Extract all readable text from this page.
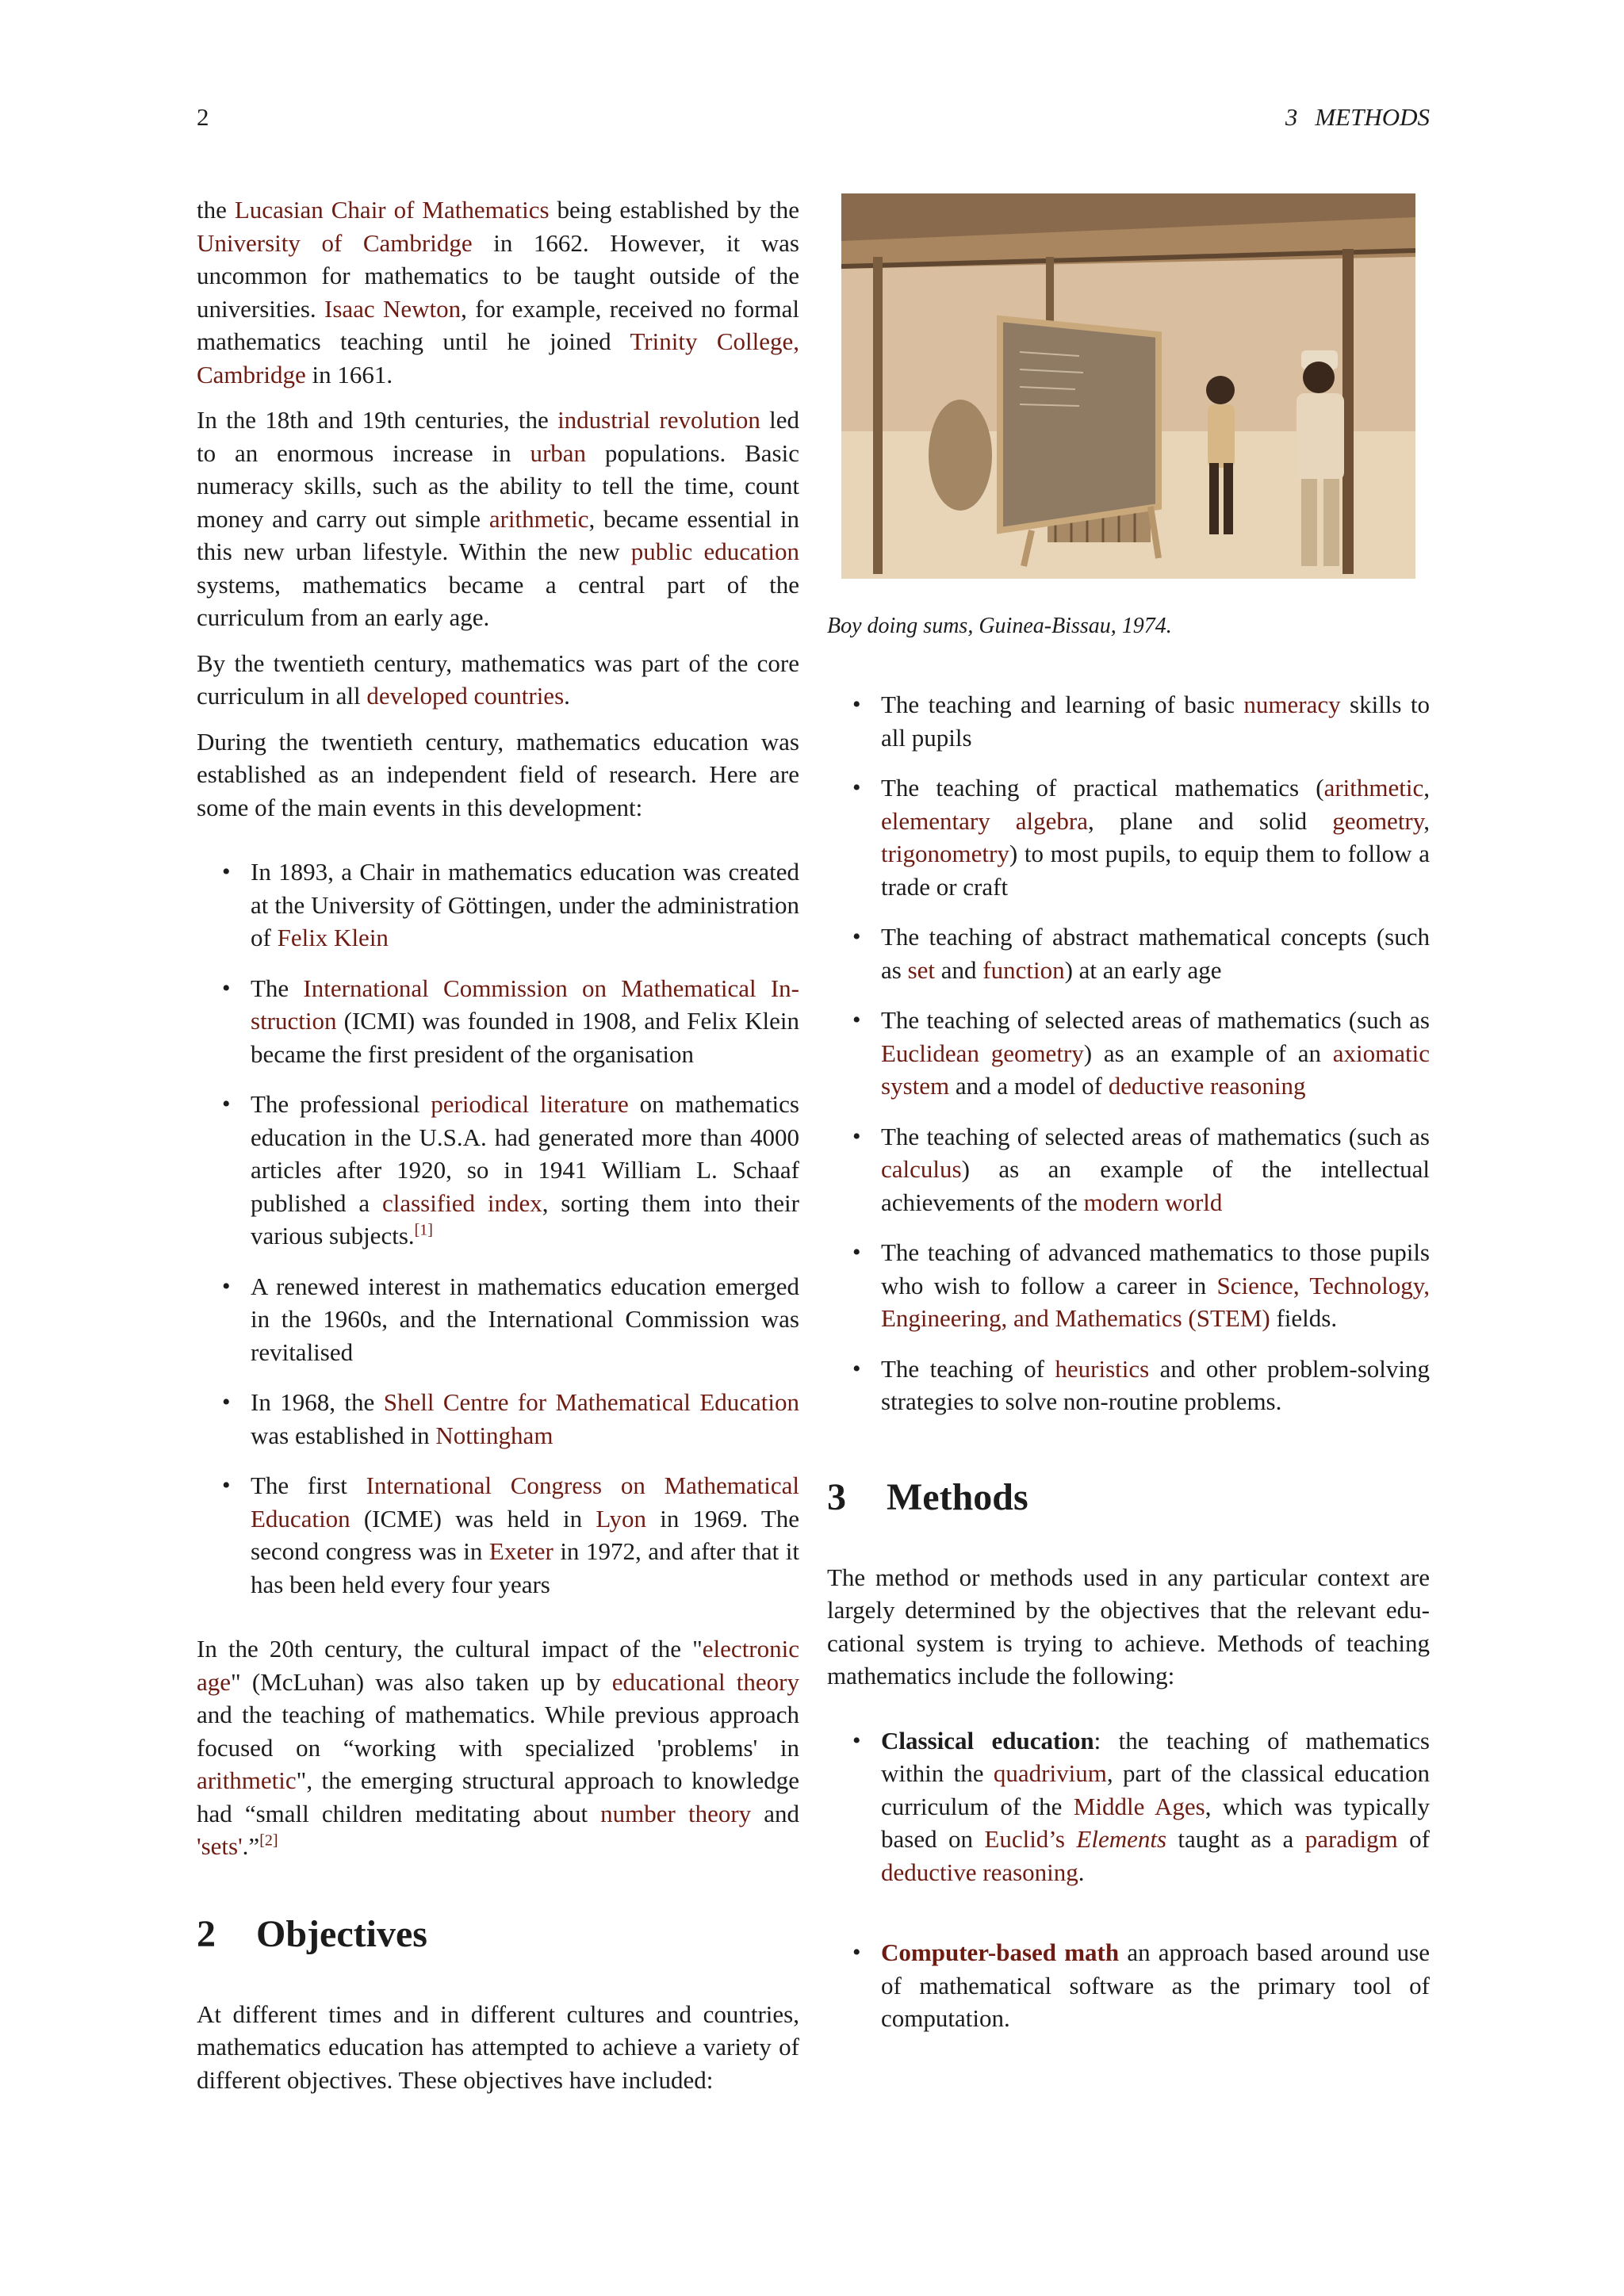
2	3 METHODS

the Lucasian Chair of Mathematics being established by the University of Cambridge in 1662. However, it was uncommon for mathematics to be taught outside of the universities. Isaac Newton, for example, received no formal mathematics teaching until he joined Trinity College, Cambridge in 1661.

In the 18th and 19th centuries, the industrial revolution led to an enormous increase in urban populations. Basic numeracy skills, such as the ability to tell the time, count money and carry out simple arithmetic, became essential in this new urban lifestyle. Within the new public education systems, mathematics became a central part of the curriculum from an early age.

By the twentieth century, mathematics was part of the core curriculum in all developed countries.

During the twentieth century, mathematics education was established as an independent field of research. Here are some of the main events in this development:

• In 1893, a Chair in mathematics education was created at the University of Göttingen, under the administration of Felix Klein
• The International Commission on Mathematical Instruction (ICMI) was founded in 1908, and Felix Klein became the first president of the organisation
• The professional periodical literature on mathematics education in the U.S.A. had generated more than 4000 articles after 1920, so in 1941 William L. Schaaf published a classified index, sorting them into their various subjects.[1]
• A renewed interest in mathematics education emerged in the 1960s, and the International Commission was revitalised
• In 1968, the Shell Centre for Mathematical Education was established in Nottingham
• The first International Congress on Mathematical Education (ICME) was held in Lyon in 1969. The second congress was in Exeter in 1972, and after that it has been held every four years

In the 20th century, the cultural impact of the "electronic age" (McLuhan) was also taken up by educational theory and the teaching of mathematics. While previous approach focused on “working with specialized 'problems' in arithmetic", the emerging structural approach to knowledge had “small children meditating about number theory and 'sets'.”[2]

2 Objectives

At different times and in different cultures and countries, mathematics education has attempted to achieve a variety of different objectives. These objectives have included:

Boy doing sums, Guinea-Bissau, 1974.
• The teaching and learning of basic numeracy skills to all pupils
• The teaching of practical mathematics (arithmetic, elementary algebra, plane and solid geometry, trigonometry) to most pupils, to equip them to follow a trade or craft
• The teaching of abstract mathematical concepts (such as set and function) at an early age
• The teaching of selected areas of mathematics (such as Euclidean geometry) as an example of an axiomatic system and a model of deductive reasoning
• The teaching of selected areas of mathematics (such as calculus) as an example of the intellectual achievements of the modern world
• The teaching of advanced mathematics to those pupils who wish to follow a career in Science, Technology, Engineering, and Mathematics (STEM) fields.
• The teaching of heuristics and other problem-solving strategies to solve non-routine problems.
3 Methods

The method or methods used in any particular context are largely determined by the objectives that the relevant educational system is trying to achieve. Methods of teaching mathematics include the following:

• Classical education: the teaching of mathematics within the quadrivium, part of the classical education curriculum of the Middle Ages, which was typically based on Euclid’s Elements taught as a paradigm of deductive reasoning.
• Computer-based math an approach based around use of mathematical software as the primary tool of computation.
